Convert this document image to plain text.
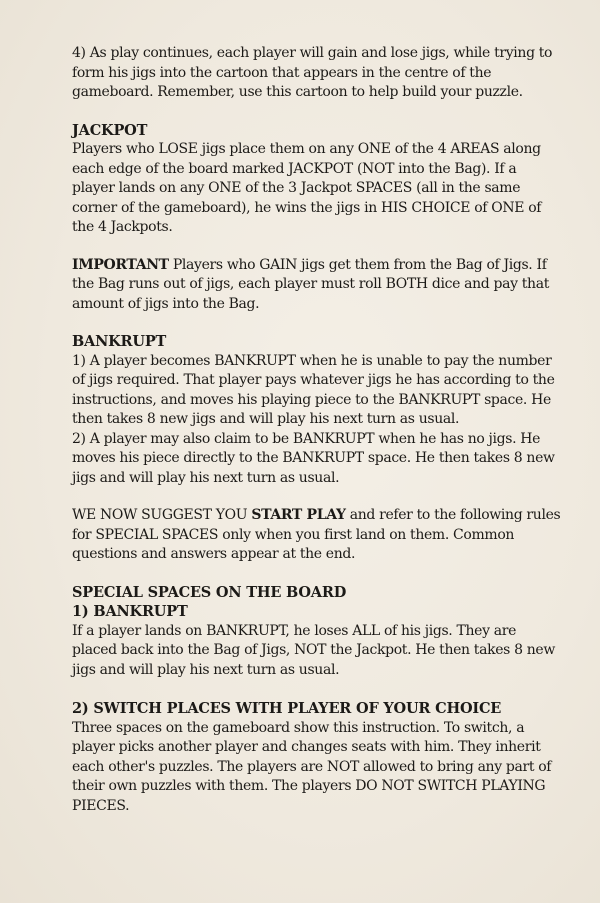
4) As play continues, each player will gain and lose jigs, while trying to form his jigs into the cartoon that appears in the centre of the gameboard. Remember, use this cartoon to help build your puzzle.

JACKPOT

Players who LOSE jigs place them on any ONE of the 4 AREAS along each edge of the board marked JACKPOT (NOT into the Bag). If a player lands on any ONE of the 3 Jackpot SPACES (all in the same corner of the gameboard), he wins the jigs in HIS CHOICE of ONE of the 4 Jackpots.

IMPORTANT Players who GAIN jigs get them from the Bag of Jigs. If the Bag runs out of jigs, each player must roll BOTH dice and pay that amount of jigs into the Bag.

BANKRUPT

1) A player becomes BANKRUPT when he is unable to pay the number of jigs required. That player pays whatever jigs he has according to the instructions, and moves his playing piece to the BANKRUPT space. He then takes 8 new jigs and will play his next turn as usual.

2) A player may also claim to be BANKRUPT when he has no jigs. He moves his piece directly to the BANKRUPT space. He then takes 8 new jigs and will play his next turn as usual.

WE NOW SUGGEST YOU START PLAY and refer to the following rules for SPECIAL SPACES only when you first land on them. Common questions and answers appear at the end.

SPECIAL SPACES ON THE BOARD
1) BANKRUPT

If a player lands on BANKRUPT, he loses ALL of his jigs. They are placed back into the Bag of Jigs, NOT the Jackpot. He then takes 8 new jigs and will play his next turn as usual.

2) SWITCH PLACES WITH PLAYER OF YOUR CHOICE

Three spaces on the gameboard show this instruction. To switch, a player picks another player and changes seats with him. They inherit each other's puzzles. The players are NOT allowed to bring any part of their own puzzles with them. The players DO NOT SWITCH PLAYING PIECES.
